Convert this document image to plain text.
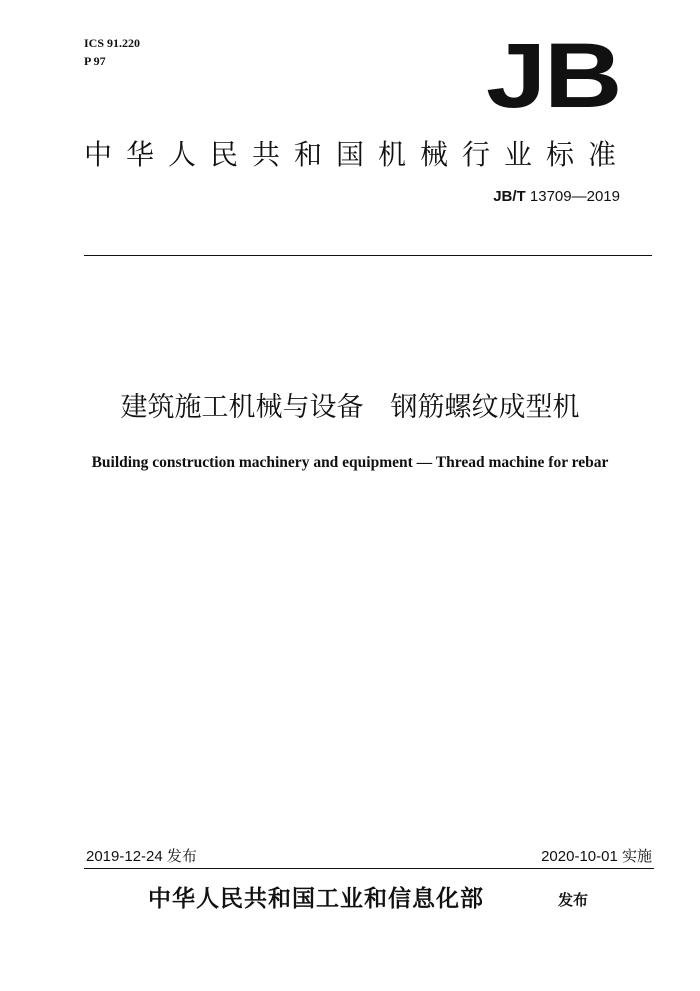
ICS 91.220
P 97	JB
中华人民共和国机械行业标准
JB/T 13709—2019
建筑施工机械与设备　钢筋螺纹成型机
Building construction machinery and equipment — Thread machine for rebar
2019-12-24 发布	2020-10-01 实施
中华人民共和国工业和信息化部	发布
